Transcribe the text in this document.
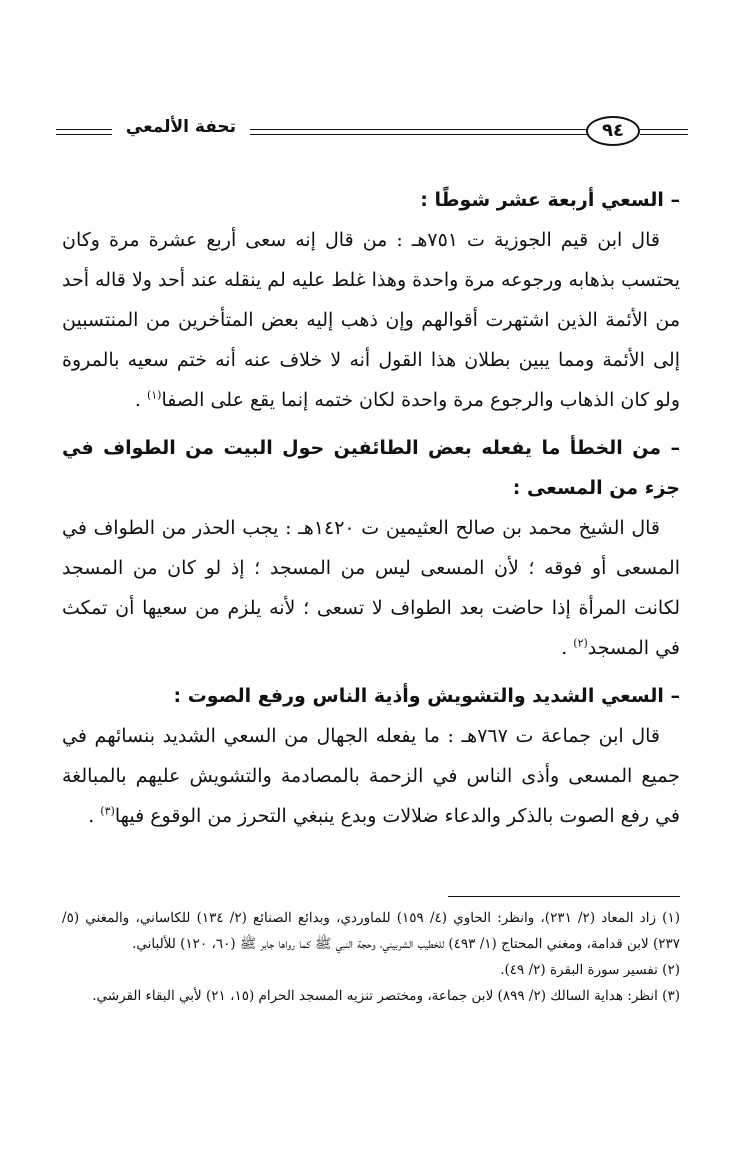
تحفة الألمعي	٩٤

– السعي أربعة عشر شوطًا :

قال ابن قيم الجوزية ت ٧٥١هـ : من قال إنه سعى أربع عشرة مرة وكان يحتسب بذهابه ورجوعه مرة واحدة وهذا غلط عليه لم ينقله عند أحد ولا قاله أحد من الأئمة الذين اشتهرت أقوالهم وإن ذهب إليه بعض المتأخرين من المنتسبين إلى الأئمة ومما يبين بطلان هذا القول أنه لا خلاف عنه أنه ختم سعيه بالمروة ولو كان الذهاب والرجوع مرة واحدة لكان ختمه إنما يقع على الصفا$^{(١)}$ .

– من الخطأ ما يفعله بعض الطائفين حول البيت من الطواف في جزء من المسعى :

قال الشيخ محمد بن صالح العثيمين ت ١٤٢٠هـ : يجب الحذر من الطواف في المسعى أو فوقه ؛ لأن المسعى ليس من المسجد ؛ إذ لو كان من المسجد لكانت المرأة إذا حاضت بعد الطواف لا تسعى ؛ لأنه يلزم من سعيها أن تمكث في المسجد$^{(٢)}$ .

– السعي الشديد والتشويش وأذية الناس ورفع الصوت :

قال ابن جماعة ت ٧٦٧هـ : ما يفعله الجهال من السعي الشديد بنسائهم في جميع المسعى وأذى الناس في الزحمة بالمصادمة والتشويش عليهم بالمبالغة في رفع الصوت بالذكر والدعاء ضلالات وبدع ينبغي التحرز من الوقوع فيها$^{(٣)}$ .

(١) زاد المعاد (٢/ ٢٣١)، وانظر: الحاوي (٤/ ١٥٩) للماوردي، وبدائع الصنائع (٢/ ١٣٤) للكاساني، والمغني (٥/ ٢٣٧) لابن قدامة، ومغني المحتاج (١/ ٤٩٣) للخطيب الشربيني، وحجة النبي ﷺ كما رواها جابر ﷺ (٦٠، ١٢٠) للألباني.

(٢) تفسير سورة البقرة (٢/ ٤٩).

(٣) انظر: هداية السالك (٢/ ٨٩٩) لابن جماعة، ومختصر تنزيه المسجد الحرام (١٥، ٢١) لأبي البقاء القرشي.
